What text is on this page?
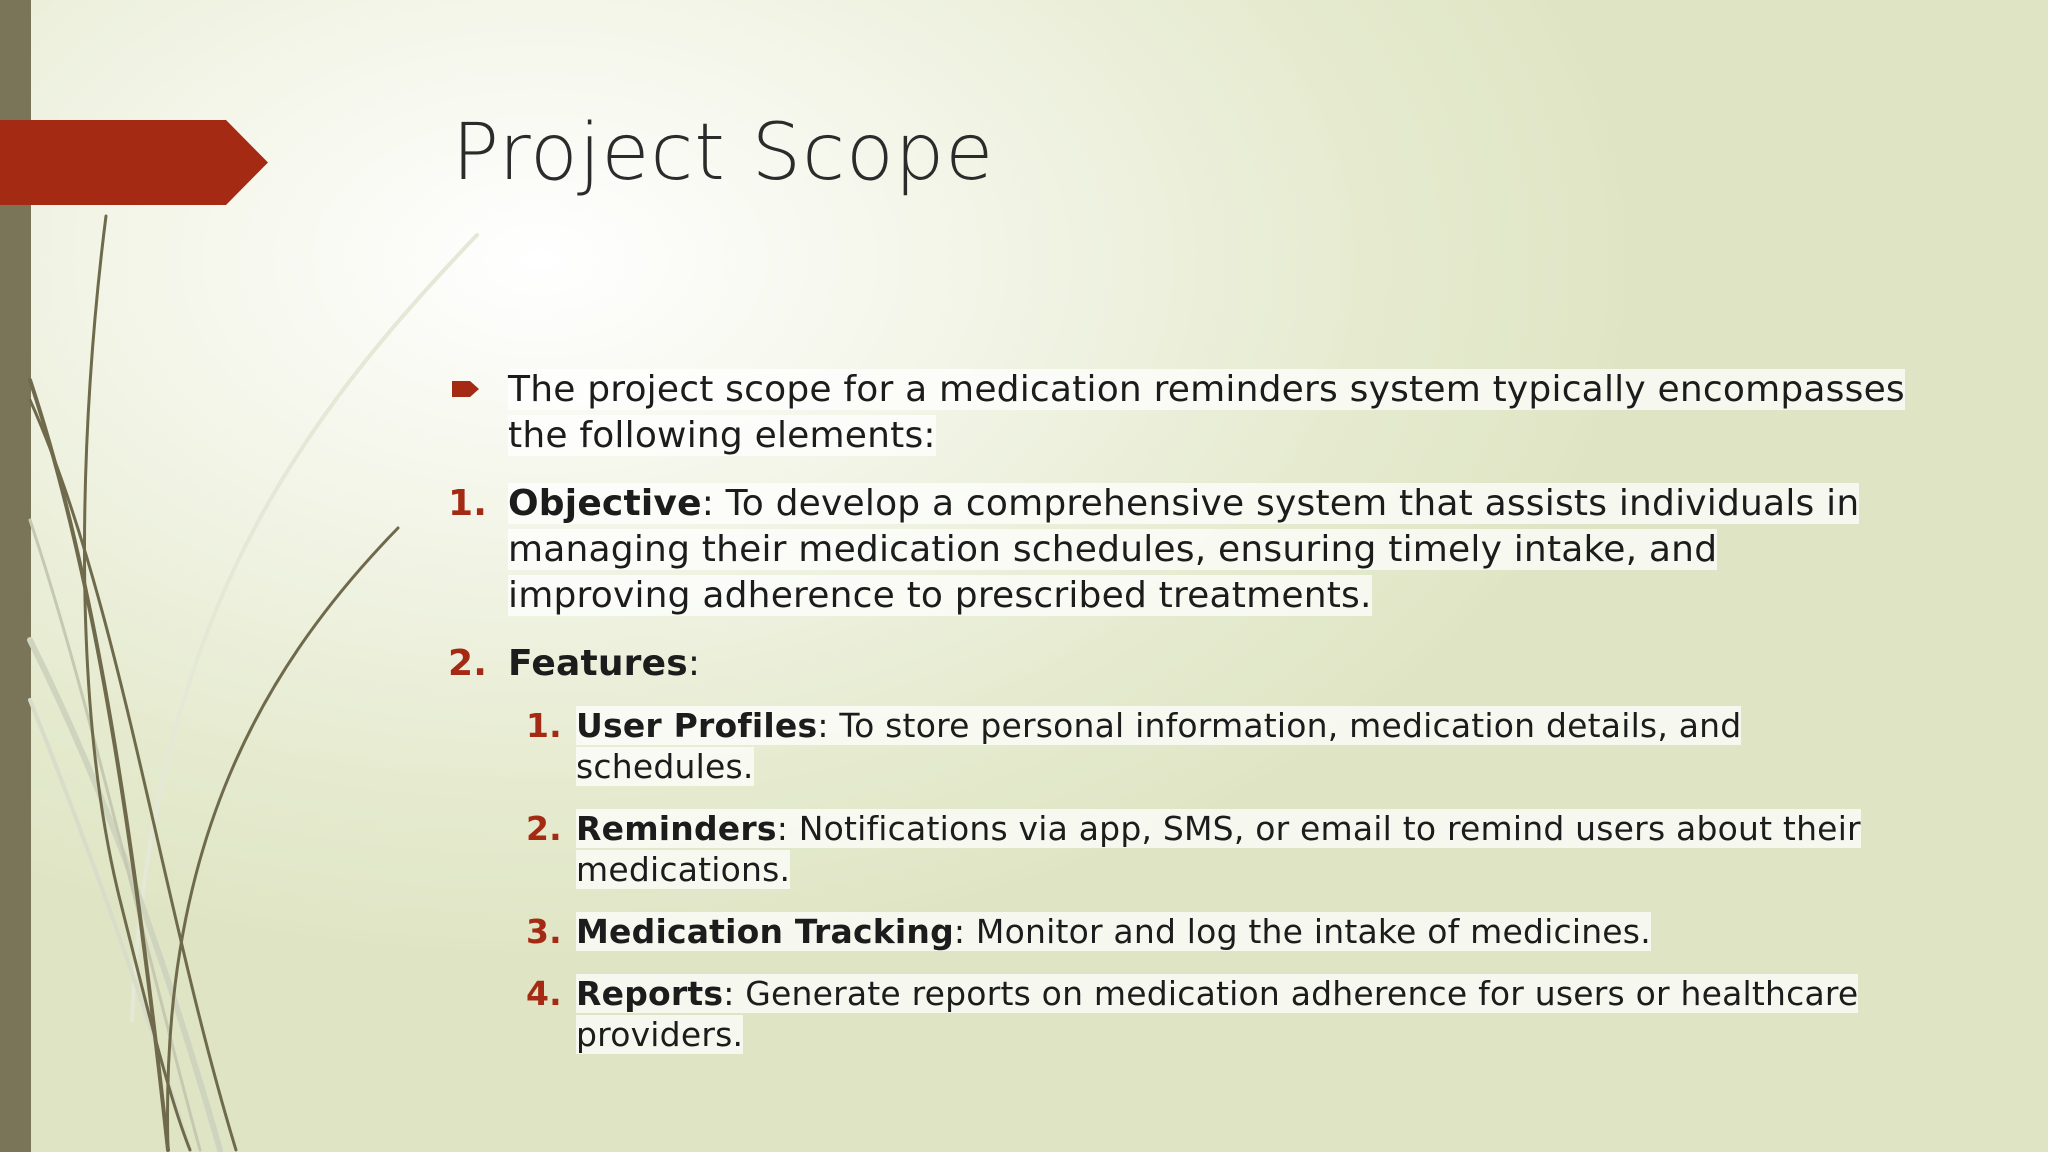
Project Scope
The project scope for a medication reminders system typically encompasses the following elements:
1. Objective: To develop a comprehensive system that assists individuals in managing their medication schedules, ensuring timely intake, and improving adherence to prescribed treatments.
2. Features:
1. User Profiles: To store personal information, medication details, and schedules.
2. Reminders: Notifications via app, SMS, or email to remind users about their medications.
3. Medication Tracking: Monitor and log the intake of medicines.
4. Reports: Generate reports on medication adherence for users or healthcare providers.
